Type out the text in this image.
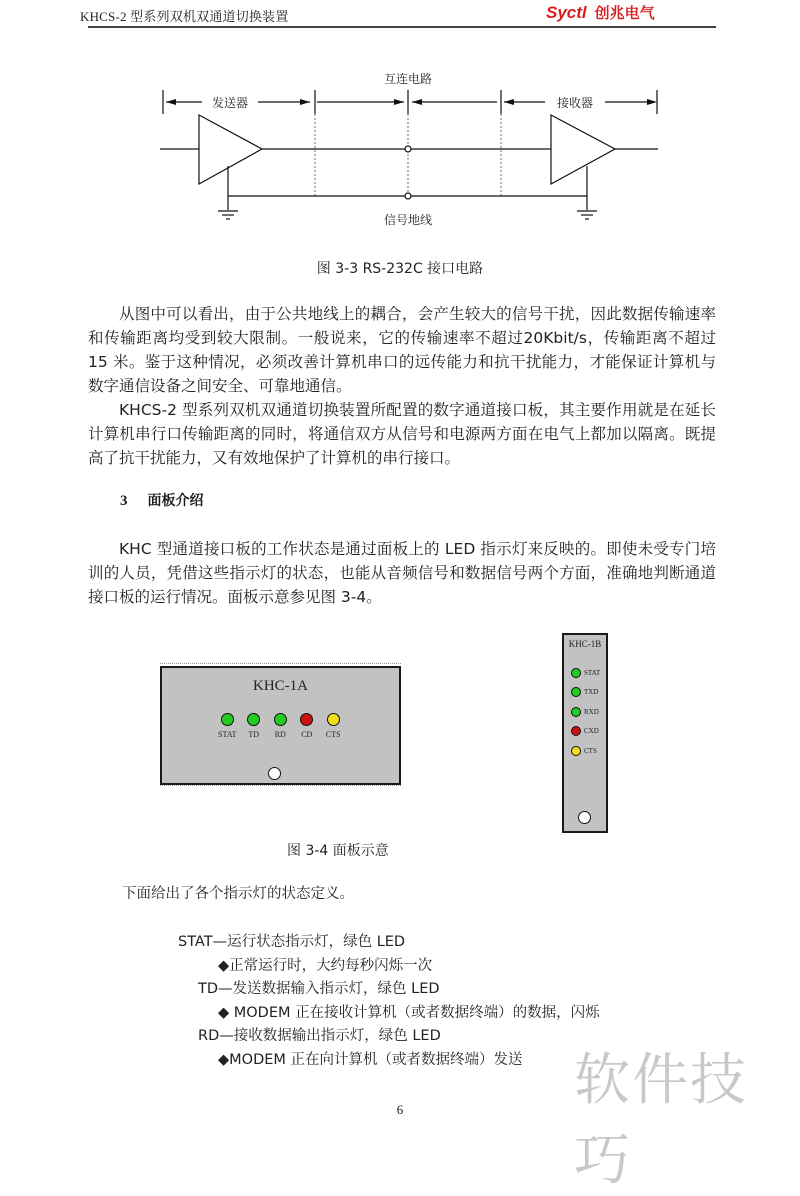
KHCS-2 型系列双机双通道切换装置	Syctl 创兆电气
发送器
互连电路
接收器
信号地线
图 3-3 RS-232C 接口电路

从图中可以看出，由于公共地线上的耦合，会产生较大的信号干扰，因此数据传输速率和传输距离均受到较大限制。一般说来，它的传输速率不超过20Kbit/s，传输距离不超过 15 米。鉴于这种情况，必须改善计算机串口的远传能力和抗干扰能力，才能保证计算机与数字通信设备之间安全、可靠地通信。

KHCS-2 型系列双机双通道切换装置所配置的数字通道接口板，其主要作用就是在延长计算机串行口传输距离的同时，将通信双方从信号和电源两方面在电气上都加以隔离。既提高了抗干扰能力，又有效地保护了计算机的串行接口。

3 面板介绍

KHC 型通道接口板的工作状态是通过面板上的 LED 指示灯来反映的。即使未受专门培训的人员，凭借这些指示灯的状态，也能从音频信号和数据信号两个方面，准确地判断通道接口板的运行情况。面板示意参见图 3-4。

KHC-1A
STAT TD RD CD CTS
KHC-1B
STAT
TXD
RXD
CXD
CTS
图 3-4 面板示意
下面给出了各个指示灯的状态定义。
STAT—运行状态指示灯，绿色 LED
◆正常运行时，大约每秒闪烁一次
TD—发送数据输入指示灯，绿色 LED
◆ MODEM 正在接收计算机（或者数据终端）的数据，闪烁
RD—接收数据输出指示灯，绿色 LED
◆MODEM 正在向计算机（或者数据终端）发送 软件技巧
6
